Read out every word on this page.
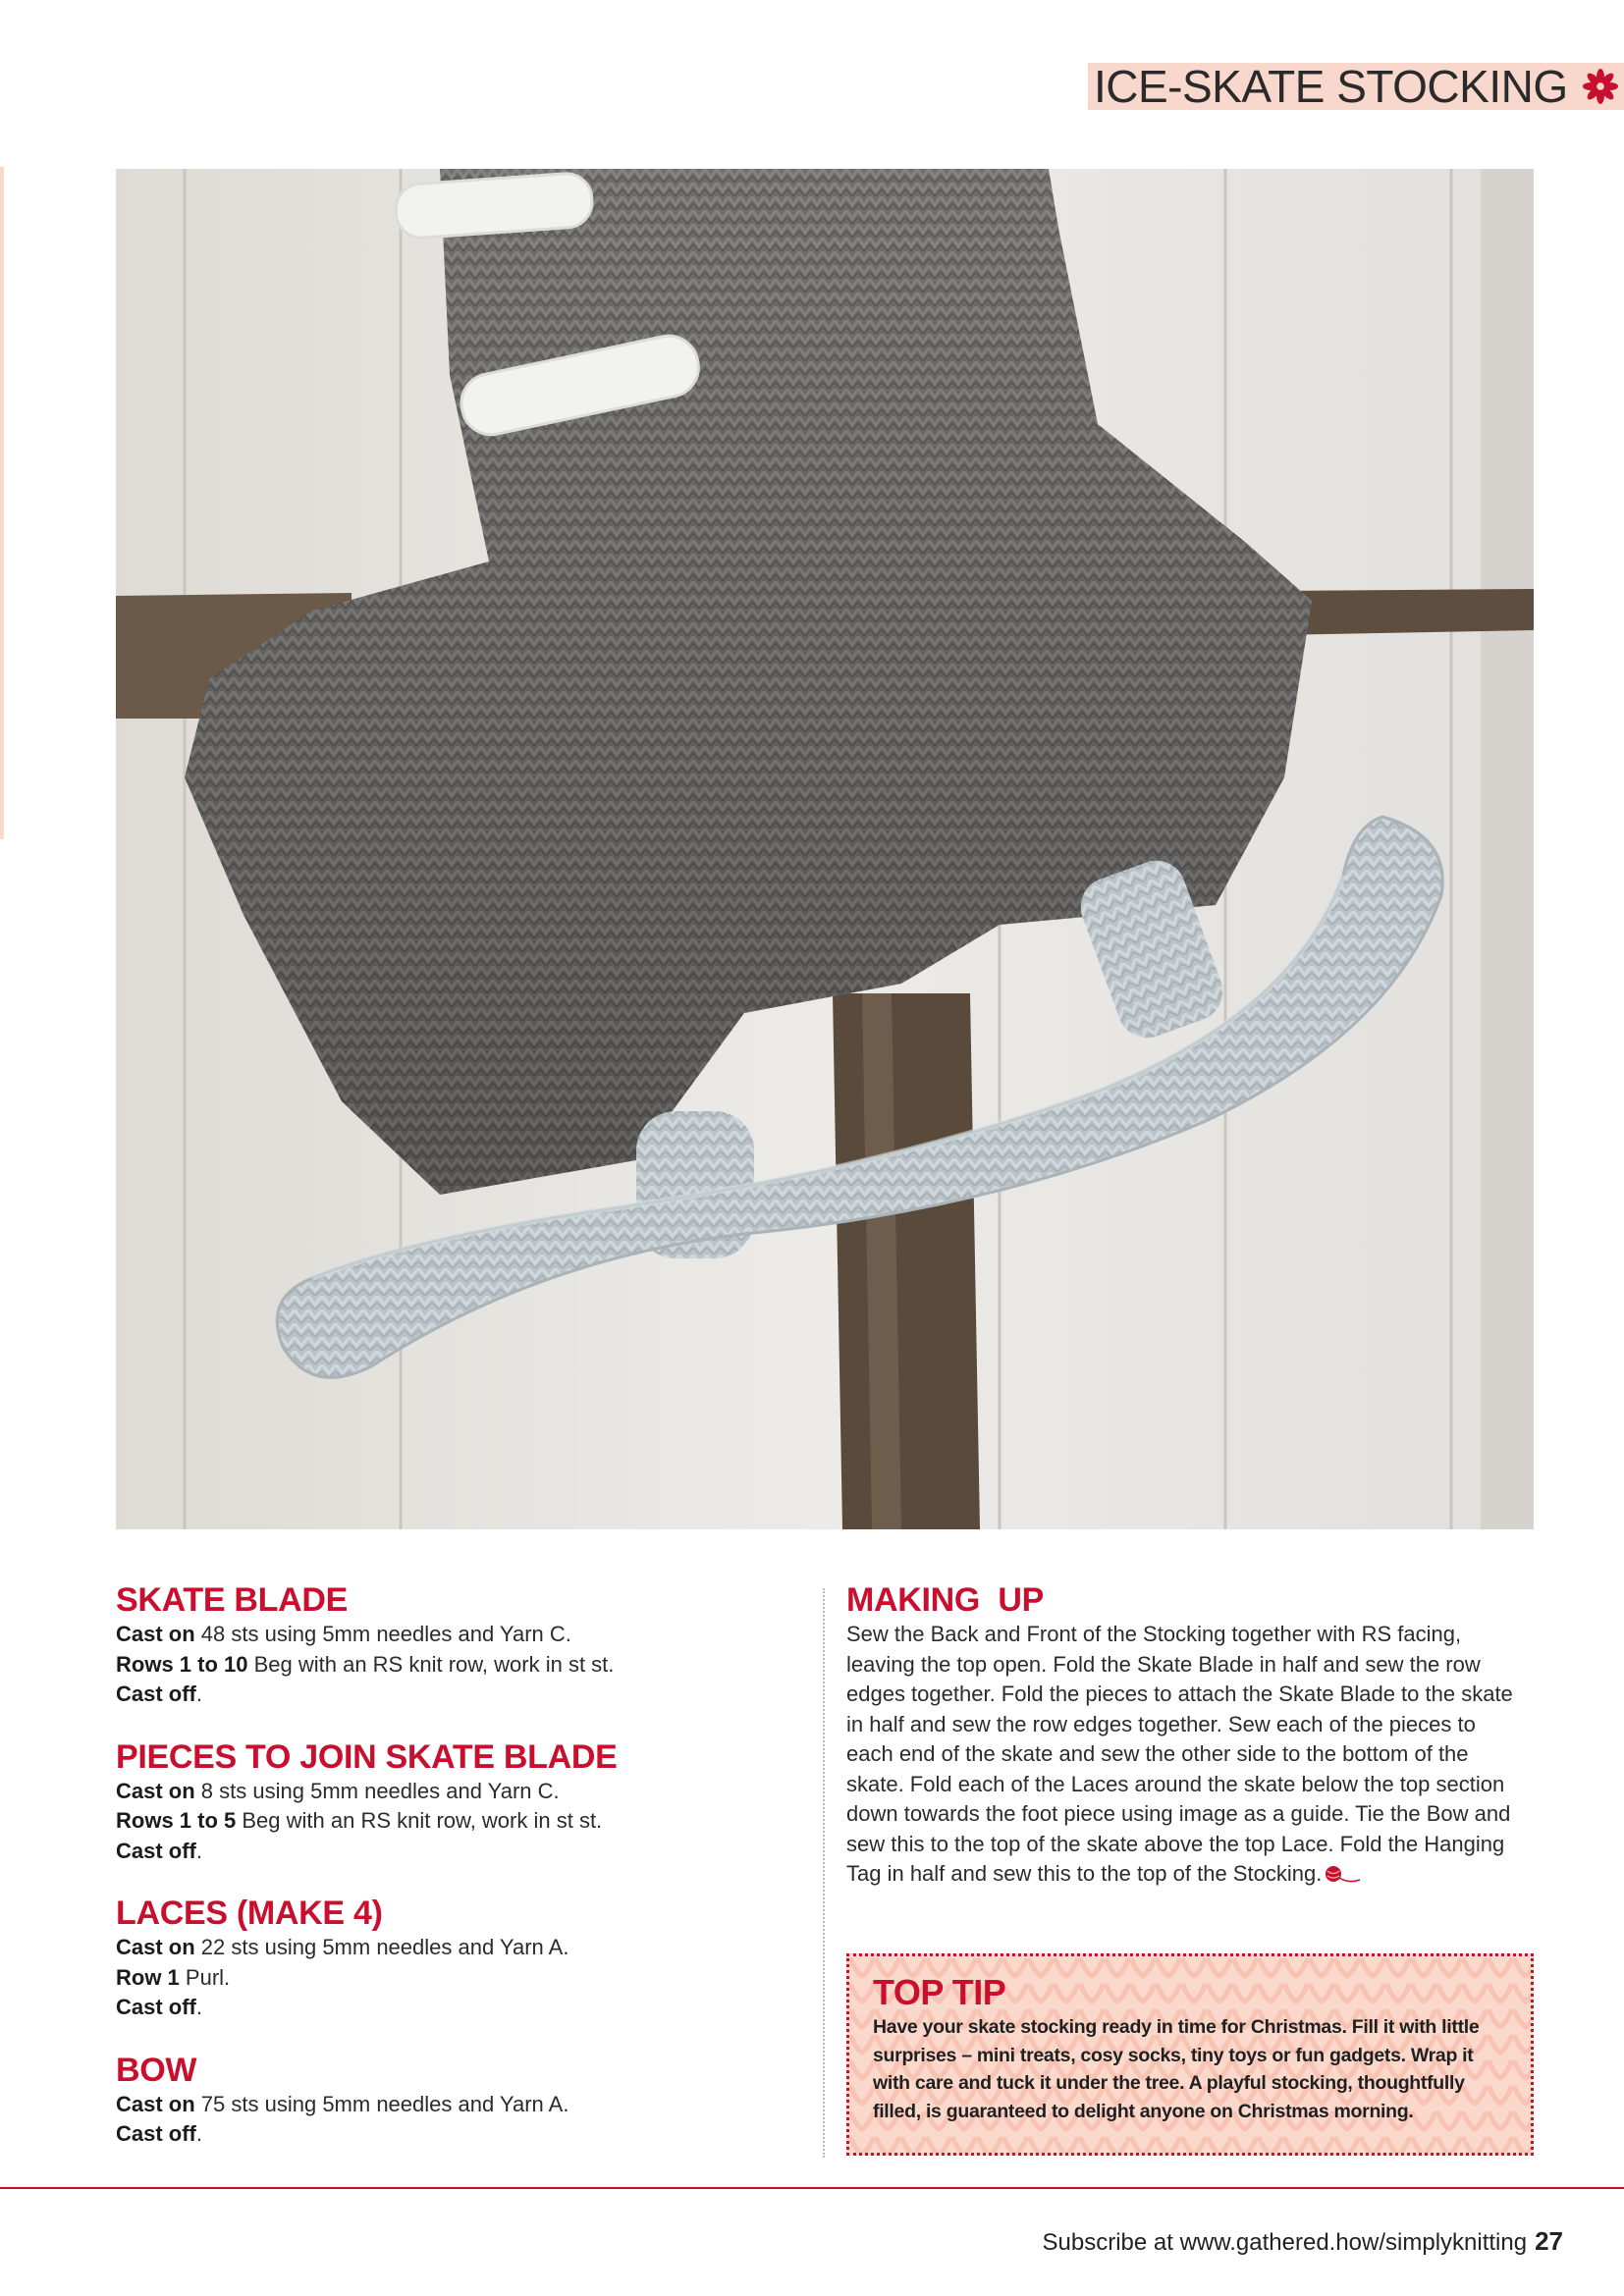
ICE-SKATE STOCKING
SKATE BLADE
Cast on 48 sts using 5mm needles and Yarn C.
Rows 1 to 10 Beg with an RS knit row, work in st st.
Cast off.
PIECES TO JOIN SKATE BLADE
Cast on 8 sts using 5mm needles and Yarn C.
Rows 1 to 5 Beg with an RS knit row, work in st st.
Cast off.
LACES (MAKE 4)
Cast on 22 sts using 5mm needles and Yarn A.
Row 1 Purl.
Cast off.
BOW
Cast on 75 sts using 5mm needles and Yarn A.
Cast off.
MAKING  UP

Sew the Back and Front of the Stocking together with RS facing,

leaving the top open. Fold the Skate Blade in half and sew the row

edges together. Fold the pieces to attach the Skate Blade to the skate

in half and sew the row edges together. Sew each of the pieces to

each end of the skate and sew the other side to the bottom of the

skate. Fold each of the Laces around the skate below the top section

down towards the foot piece using image as a guide. Tie the Bow and

sew this to the top of the skate above the top Lace. Fold the Hanging

Tag in half and sew this to the top of the Stocking.

TOP TIP

Have your skate stocking ready in time for Christmas. Fill it with little

surprises – mini treats, cosy socks, tiny toys or fun gadgets. Wrap it

with care and tuck it under the tree. A playful stocking, thoughtfully

filled, is guaranteed to delight anyone on Christmas morning.

Subscribe at www.gathered.how/simplyknitting 27
